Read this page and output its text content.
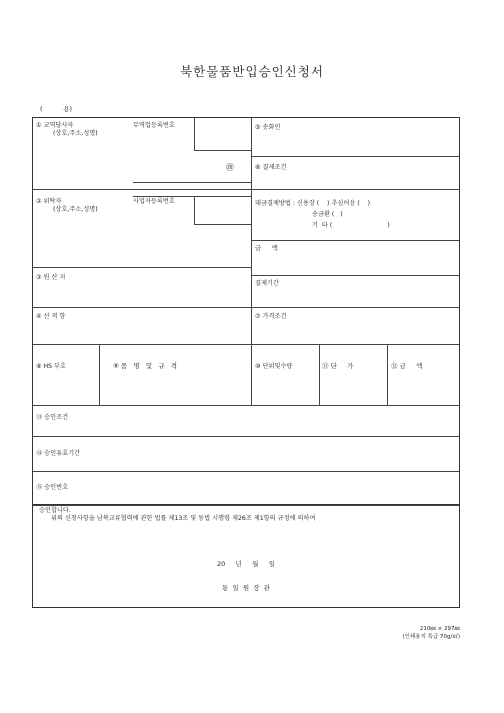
북한물품반입승인신청서
(          용)
① 교역당사자
(상호,주소,성명)
무역업등록번호
㊞
② 위탁자
(상호,주소,성명)
사업자등록번호
③ 원 산 지
④ 선 적 항
⑤ 송화인
⑥ 결제조건
대금결제방법 : 신용장 (    ) 추심어음 (    )
송금환 (   )
기  타 (                            )
금     액
결제기간
⑦ 가격조건
⑧ HS 부호	⑨ 품   명   및   규   격	⑩ 단위및수량	⑪ 단     가	⑫ 금     액
⑬ 승인조건
⑭ 승인유효기간
⑮ 승인번호
위의 신청사항을 남북교류협력에 관한 법률 제13조 및 동법 시행령 제26조 제1항의 규정에 의하여
승인합니다.
20     년     월     일
통  일  원  장  관
210㎜ × 297㎜
(인쇄용지 특급 70g/㎡)
